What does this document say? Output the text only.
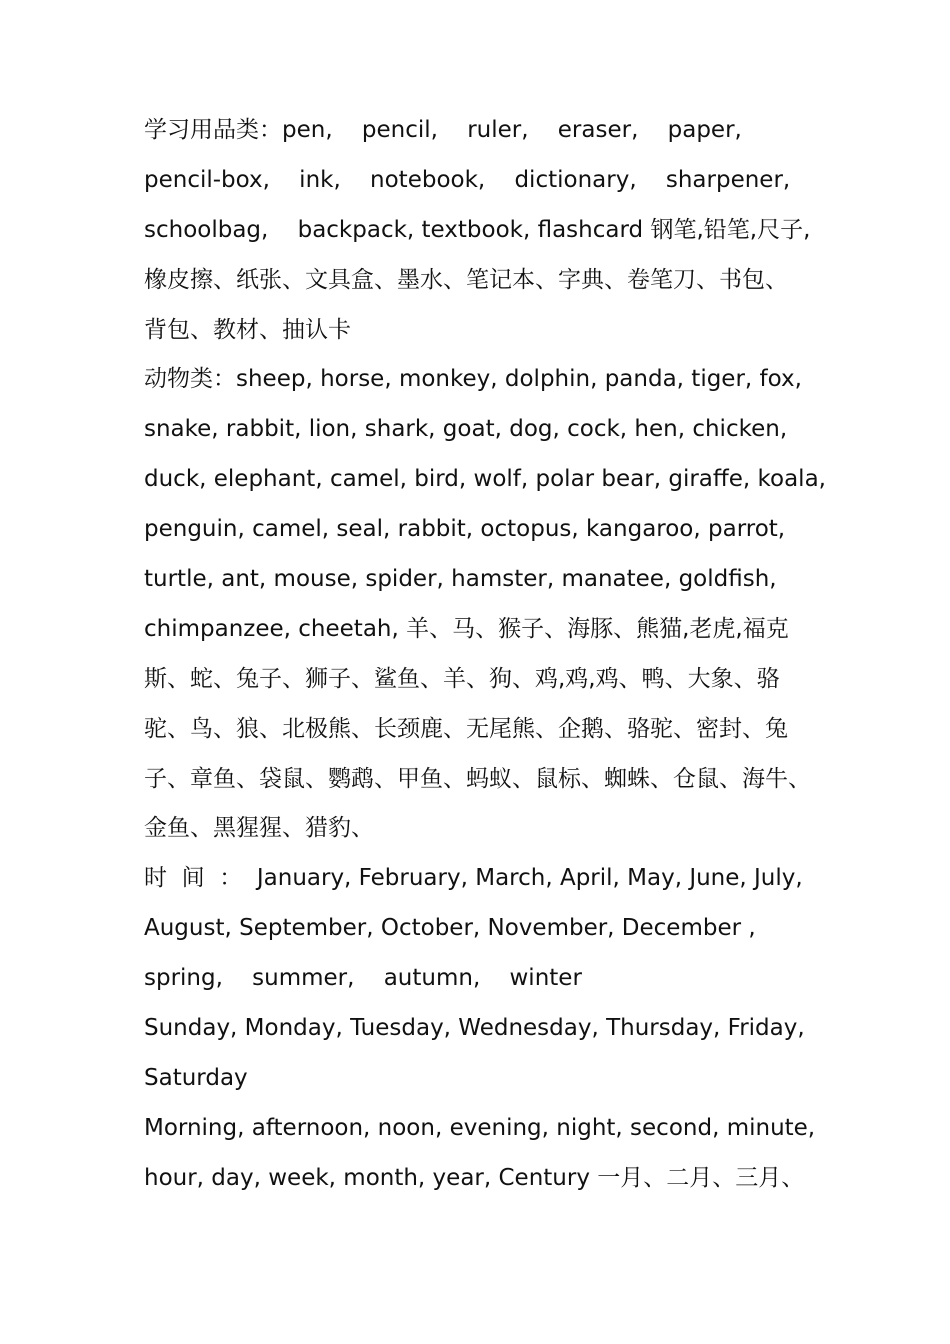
学习用品类：pen,    pencil,    ruler,    eraser,    paper,
pencil-box,    ink,    notebook,    dictionary,    sharpener,
schoolbag,    backpack, textbook, flashcard 钢笔,铅笔,尺子,
橡皮擦、纸张、文具盒、墨水、笔记本、字典、卷笔刀、书包、
背包、教材、抽认卡
动物类：sheep, horse, monkey, dolphin, panda, tiger, fox,
snake, rabbit, lion, shark, goat, dog, cock, hen, chicken,
duck, elephant, camel, bird, wolf, polar bear, giraffe, koala,
penguin, camel, seal, rabbit, octopus, kangaroo, parrot,
turtle, ant, mouse, spider, hamster, manatee, goldfish,
chimpanzee, cheetah, 羊、马、猴子、海豚、熊猫,老虎,福克
斯、蛇、兔子、狮子、鲨鱼、羊、狗、鸡,鸡,鸡、鸭、大象、骆
驼、鸟、狼、北极熊、长颈鹿、无尾熊、企鹅、骆驼、密封、兔
子、章鱼、袋鼠、鹦鹉、甲鱼、蚂蚁、鼠标、蜘蛛、仓鼠、海牛、
金鱼、黑猩猩、猎豹、
时  间  ：  January, February, March, April, May, June, July,
August, September, October, November, December ,
spring,    summer,    autumn,    winter
Sunday, Monday, Tuesday, Wednesday, Thursday, Friday,
Saturday
Morning, afternoon, noon, evening, night, second, minute,
hour, day, week, month, year, Century 一月、二月、三月、
